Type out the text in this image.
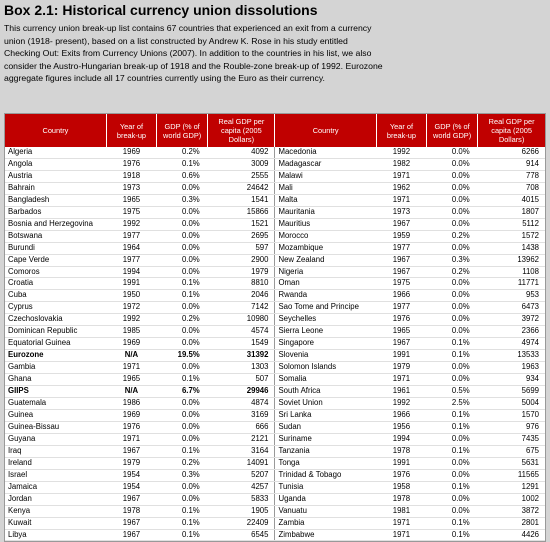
Box 2.1: Historical currency union dissolutions
This currency union break-up list contains 67 countries that experienced an exit from a currency
union (1918- present), based on a list constructed by Andrew K. Rose in his study entitled
Checking Out: Exits from Currency Unions (2007). In addition to the countries in his list, we also
consider the Austro-Hungarian break-up of 1918 and the Rouble-zone break-up of 1992. Eurozone
aggregate figures include all 17 countries currently using the Euro as their currency.
Country	Year of break-up	GDP (% of world GDP)	Real GDP per capita (2005 Dollars)	Country	Year of break-up	GDP (% of world GDP)	Real GDP per capita (2005 Dollars)
Algeria	1969	0.2%	4092	Macedonia	1992	0.0%	6266
Angola	1976	0.1%	3009	Madagascar	1982	0.0%	914
Austria	1918	0.6%	2555	Malawi	1971	0.0%	778
Bahrain	1973	0.0%	24642	Mali	1962	0.0%	708
Bangladesh	1965	0.3%	1541	Malta	1971	0.0%	4015
Barbados	1975	0.0%	15866	Mauritania	1973	0.0%	1807
Bosnia and Herzegovina	1992	0.0%	1521	Mauritius	1967	0.0%	5112
Botswana	1977	0.0%	2695	Morocco	1959	0.2%	1572
Burundi	1964	0.0%	597	Mozambique	1977	0.0%	1438
Cape Verde	1977	0.0%	2900	New Zealand	1967	0.3%	13962
Comoros	1994	0.0%	1979	Nigeria	1967	0.2%	1108
Croatia	1991	0.1%	8810	Oman	1975	0.0%	11771
Cuba	1950	0.1%	2046	Rwanda	1966	0.0%	953
Cyprus	1972	0.0%	7142	Sao Tome and Principe	1977	0.0%	6473
Czechoslovakia	1992	0.2%	10980	Seychelles	1976	0.0%	3972
Dominican Republic	1985	0.0%	4574	Sierra Leone	1965	0.0%	2366
Equatorial Guinea	1969	0.0%	1549	Singapore	1967	0.1%	4974
Eurozone	N/A	19.5%	31392	Slovenia	1991	0.1%	13533
Gambia	1971	0.0%	1303	Solomon Islands	1979	0.0%	1963
Ghana	1965	0.1%	507	Somalia	1971	0.0%	934
GIIPS	N/A	6.7%	29946	South Africa	1961	0.5%	5699
Guatemala	1986	0.0%	4874	Soviet Union	1992	2.5%	5004
Guinea	1969	0.0%	3169	Sri Lanka	1966	0.1%	1570
Guinea-Bissau	1976	0.0%	666	Sudan	1956	0.1%	976
Guyana	1971	0.0%	2121	Suriname	1994	0.0%	7435
Iraq	1967	0.1%	3164	Tanzania	1978	0.1%	675
Ireland	1979	0.2%	14091	Tonga	1991	0.0%	5631
Israel	1954	0.3%	5207	Trinidad & Tobago	1976	0.0%	11565
Jamaica	1954	0.0%	4257	Tunisia	1958	0.1%	1291
Jordan	1967	0.0%	5833	Uganda	1978	0.0%	1002
Kenya	1978	0.1%	1905	Vanuatu	1981	0.0%	3872
Kuwait	1967	0.1%	22409	Zambia	1971	0.1%	2801
Libya	1967	0.1%	6545	Zimbabwe	1971	0.1%	4426
